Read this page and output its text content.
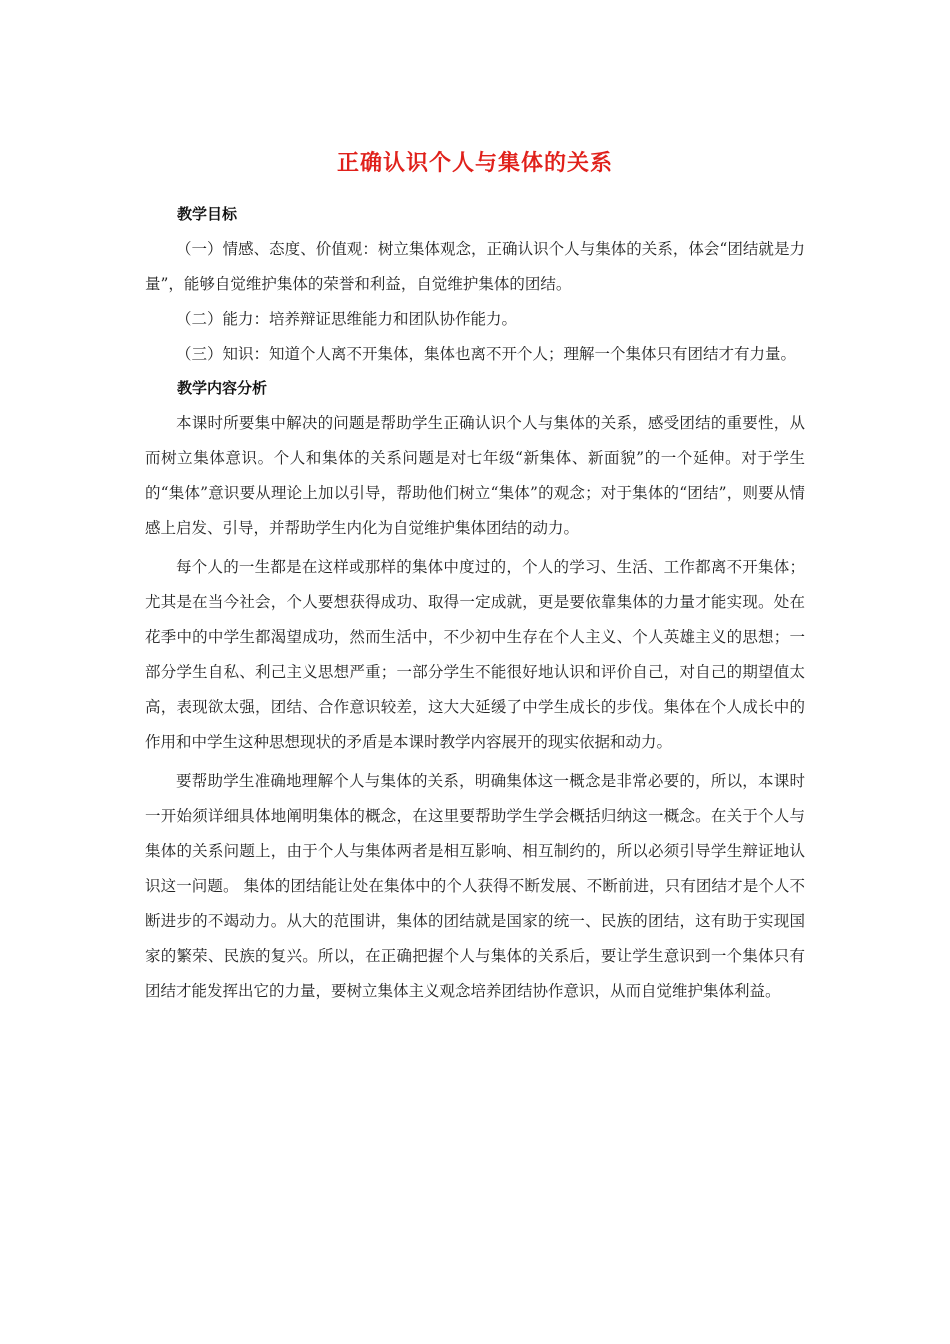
正确认识个人与集体的关系
教学目标

（一）情感、态度、价值观：树立集体观念，正确认识个人与集体的关系，体会“团结就是力量”，能够自觉维护集体的荣誉和利益，自觉维护集体的团结。

（二）能力：培养辩证思维能力和团队协作能力。

（三）知识：知道个人离不开集体，集体也离不开个人；理解一个集体只有团结才有力量。

教学内容分析

本课时所要集中解决的问题是帮助学生正确认识个人与集体的关系，感受团结的重要性，从而树立集体意识。个人和集体的关系问题是对七年级“新集体、新面貌”的一个延伸。对于学生的“集体”意识要从理论上加以引导，帮助他们树立“集体”的观念；对于集体的“团结”，则要从情感上启发、引导，并帮助学生内化为自觉维护集体团结的动力。

每个人的一生都是在这样或那样的集体中度过的，个人的学习、生活、工作都离不开集体；尤其是在当今社会，个人要想获得成功、取得一定成就，更是要依靠集体的力量才能实现。处在花季中的中学生都渴望成功，然而生活中，不少初中生存在个人主义、个人英雄主义的思想；一部分学生自私、利己主义思想严重；一部分学生不能很好地认识和评价自己，对自己的期望值太高，表现欲太强，团结、合作意识较差，这大大延缓了中学生成长的步伐。集体在个人成长中的作用和中学生这种思想现状的矛盾是本课时教学内容展开的现实依据和动力。

要帮助学生准确地理解个人与集体的关系，明确集体这一概念是非常必要的，所以，本课时一开始须详细具体地阐明集体的概念，在这里要帮助学生学会概括归纳这一概念。在关于个人与集体的关系问题上，由于个人与集体两者是相互影响、相互制约的，所以必须引导学生辩证地认识这一问题。 集体的团结能让处在集体中的个人获得不断发展、不断前进，只有团结才是个人不断进步的不竭动力。从大的范围讲，集体的团结就是国家的统一、民族的团结，这有助于实现国家的繁荣、民族的复兴。所以，在正确把握个人与集体的关系后，要让学生意识到一个集体只有团结才能发挥出它的力量，要树立集体主义观念培养团结协作意识，从而自觉维护集体利益。
